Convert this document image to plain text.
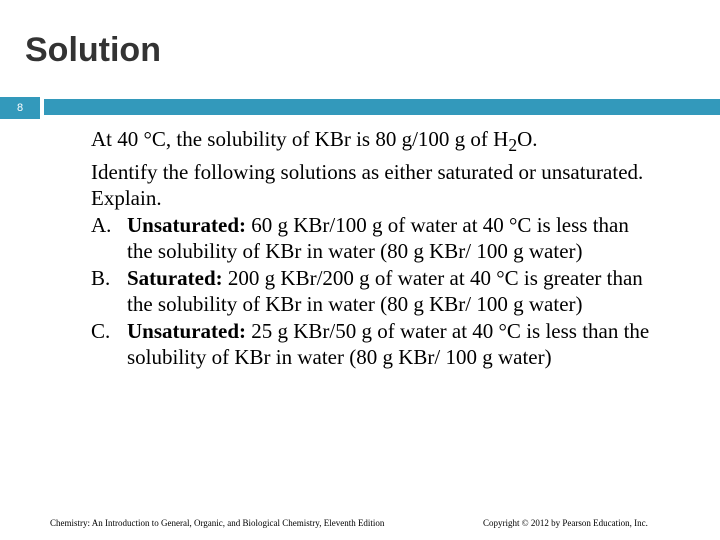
Solution
8

At 40 °C, the solubility of KBr is 80 g/100 g of $H_2O$.

Identify the following solutions as either saturated or unsaturated. Explain.

A. Unsaturated: 60 g KBr/100 g of water at 40 °C is less than the solubility of KBr in water (80 g KBr/ 100 g water)
B. Saturated: 200 g KBr/200 g of water at 40 °C is greater than the solubility of KBr in water (80 g KBr/ 100 g water)
C. Unsaturated: 25 g KBr/50 g of water at 40 °C is less than the solubility of KBr in water (80 g KBr/ 100 g water)
Chemistry: An Introduction to General, Organic, and Biological Chemistry, Eleventh Edition	Copyright © 2012 by Pearson Education, Inc.
